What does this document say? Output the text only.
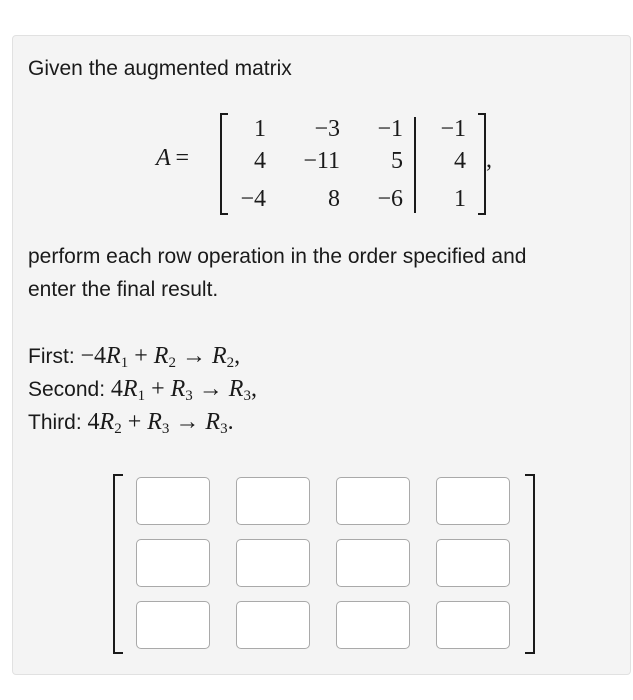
Given the augmented matrix
A  =
1	−3	−1	−1
4	−11	5	4
−4	8	−6	1
,
perform each row operation in the order specified and
enter the final result.
First: $-4R_1 + R_2 \to R_2$,
Second: $4R_1 + R_3 \to R_3$,
Third: $4R_2 + R_3 \to R_3$.
